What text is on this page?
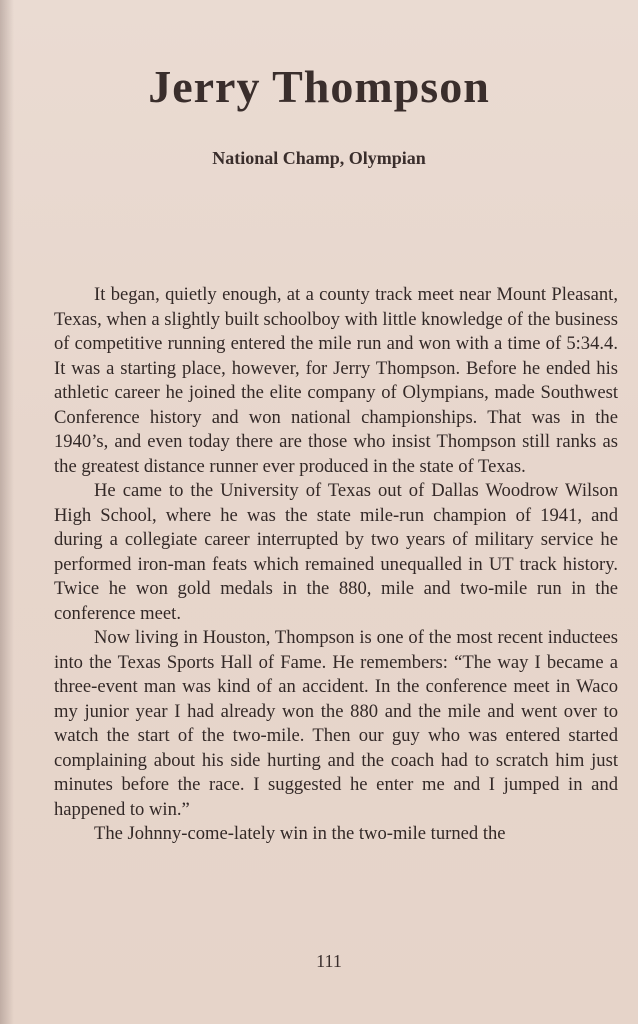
Jerry Thompson
National Champ, Olympian

It began, quietly enough, at a county track meet near Mount Pleasant, Texas, when a slightly built schoolboy with little knowledge of the business of competitive running entered the mile run and won with a time of 5:34.4. It was a starting place, however, for Jerry Thompson. Before he ended his athletic career he joined the elite company of Olympians, made Southwest Conference history and won national championships. That was in the 1940’s, and even today there are those who insist Thompson still ranks as the greatest distance runner ever produced in the state of Texas.

He came to the University of Texas out of Dallas Woodrow Wilson High School, where he was the state mile-run champion of 1941, and during a collegiate career interrupted by two years of military service he performed iron-man feats which remained unequalled in UT track history. Twice he won gold medals in the 880, mile and two-mile run in the conference meet.

Now living in Houston, Thompson is one of the most recent inductees into the Texas Sports Hall of Fame. He remembers: “The way I became a three-event man was kind of an accident. In the conference meet in Waco my junior year I had already won the 880 and the mile and went over to watch the start of the two-mile. Then our guy who was entered started complaining about his side hurting and the coach had to scratch him just minutes before the race. I suggested he enter me and I jumped in and happened to win.”

The Johnny-come-lately win in the two-mile turned the

111
